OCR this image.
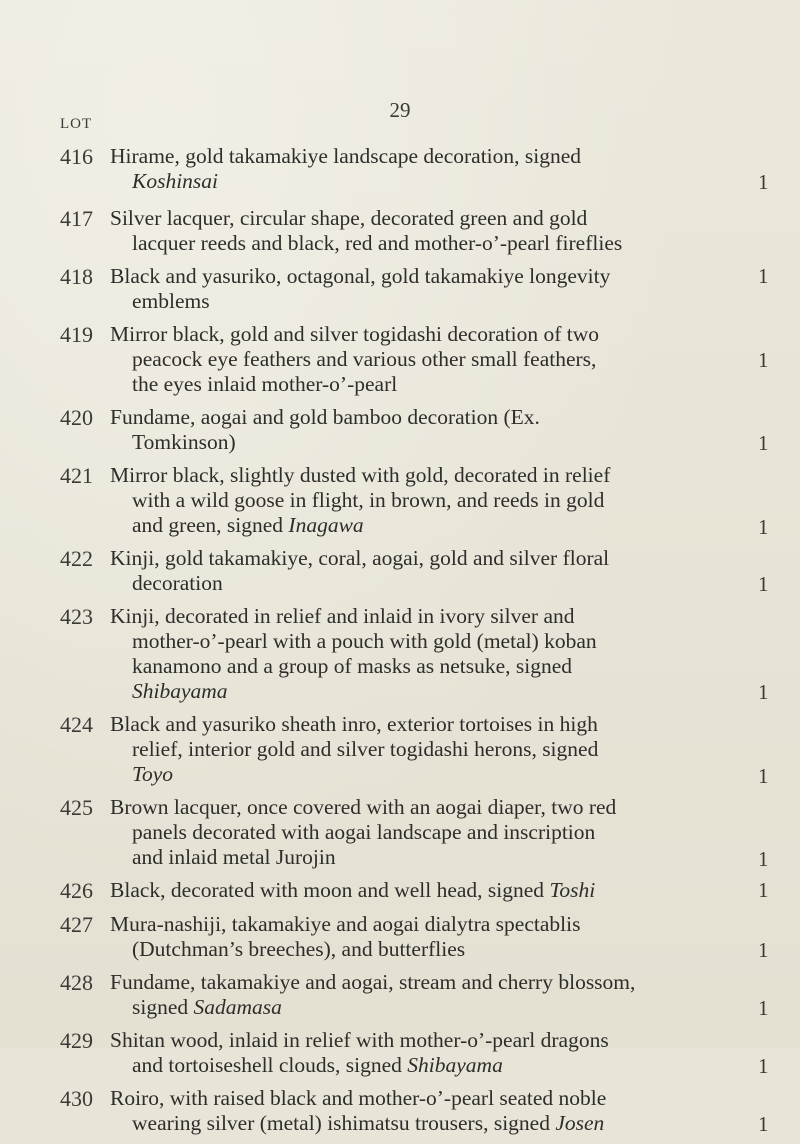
29
LOT
416 Hirame, gold takamakiye landscape decoration, signed
Koshinsai	1
417 Silver lacquer, circular shape, decorated green and gold
lacquer reeds and black, red and mother-o’-pearl fireflies
418 Black and yasuriko, octagonal, gold takamakiye longevity
emblems
1
419 Mirror black, gold and silver togidashi decoration of two
peacock eye feathers and various other small feathers,
the eyes inlaid mother-o’-pearl
1
420 Fundame, aogai and gold bamboo decoration (Ex.
Tomkinson)	1
421 Mirror black, slightly dusted with gold, decorated in relief
with a wild goose in flight, in brown, and reeds in gold
and green, signed Inagawa	1
422 Kinji, gold takamakiye, coral, aogai, gold and silver floral
decoration	1
423 Kinji, decorated in relief and inlaid in ivory silver and
mother-o’-pearl with a pouch with gold (metal) koban
kanamono and a group of masks as netsuke, signed
Shibayama	1
424 Black and yasuriko sheath inro, exterior tortoises in high
relief, interior gold and silver togidashi herons, signed
Toyo	1
425 Brown lacquer, once covered with an aogai diaper, two red
panels decorated with aogai landscape and inscription
and inlaid metal Jurojin	1
426 Black, decorated with moon and well head, signed Toshi	1
427 Mura-nashiji, takamakiye and aogai dialytra spectablis
(Dutchman’s breeches), and butterflies	1
428 Fundame, takamakiye and aogai, stream and cherry blossom,
signed Sadamasa	1
429 Shitan wood, inlaid in relief with mother-o’-pearl dragons
and tortoiseshell clouds, signed Shibayama	1
430 Roiro, with raised black and mother-o’-pearl seated noble
wearing silver (metal) ishimatsu trousers, signed Josen	1
